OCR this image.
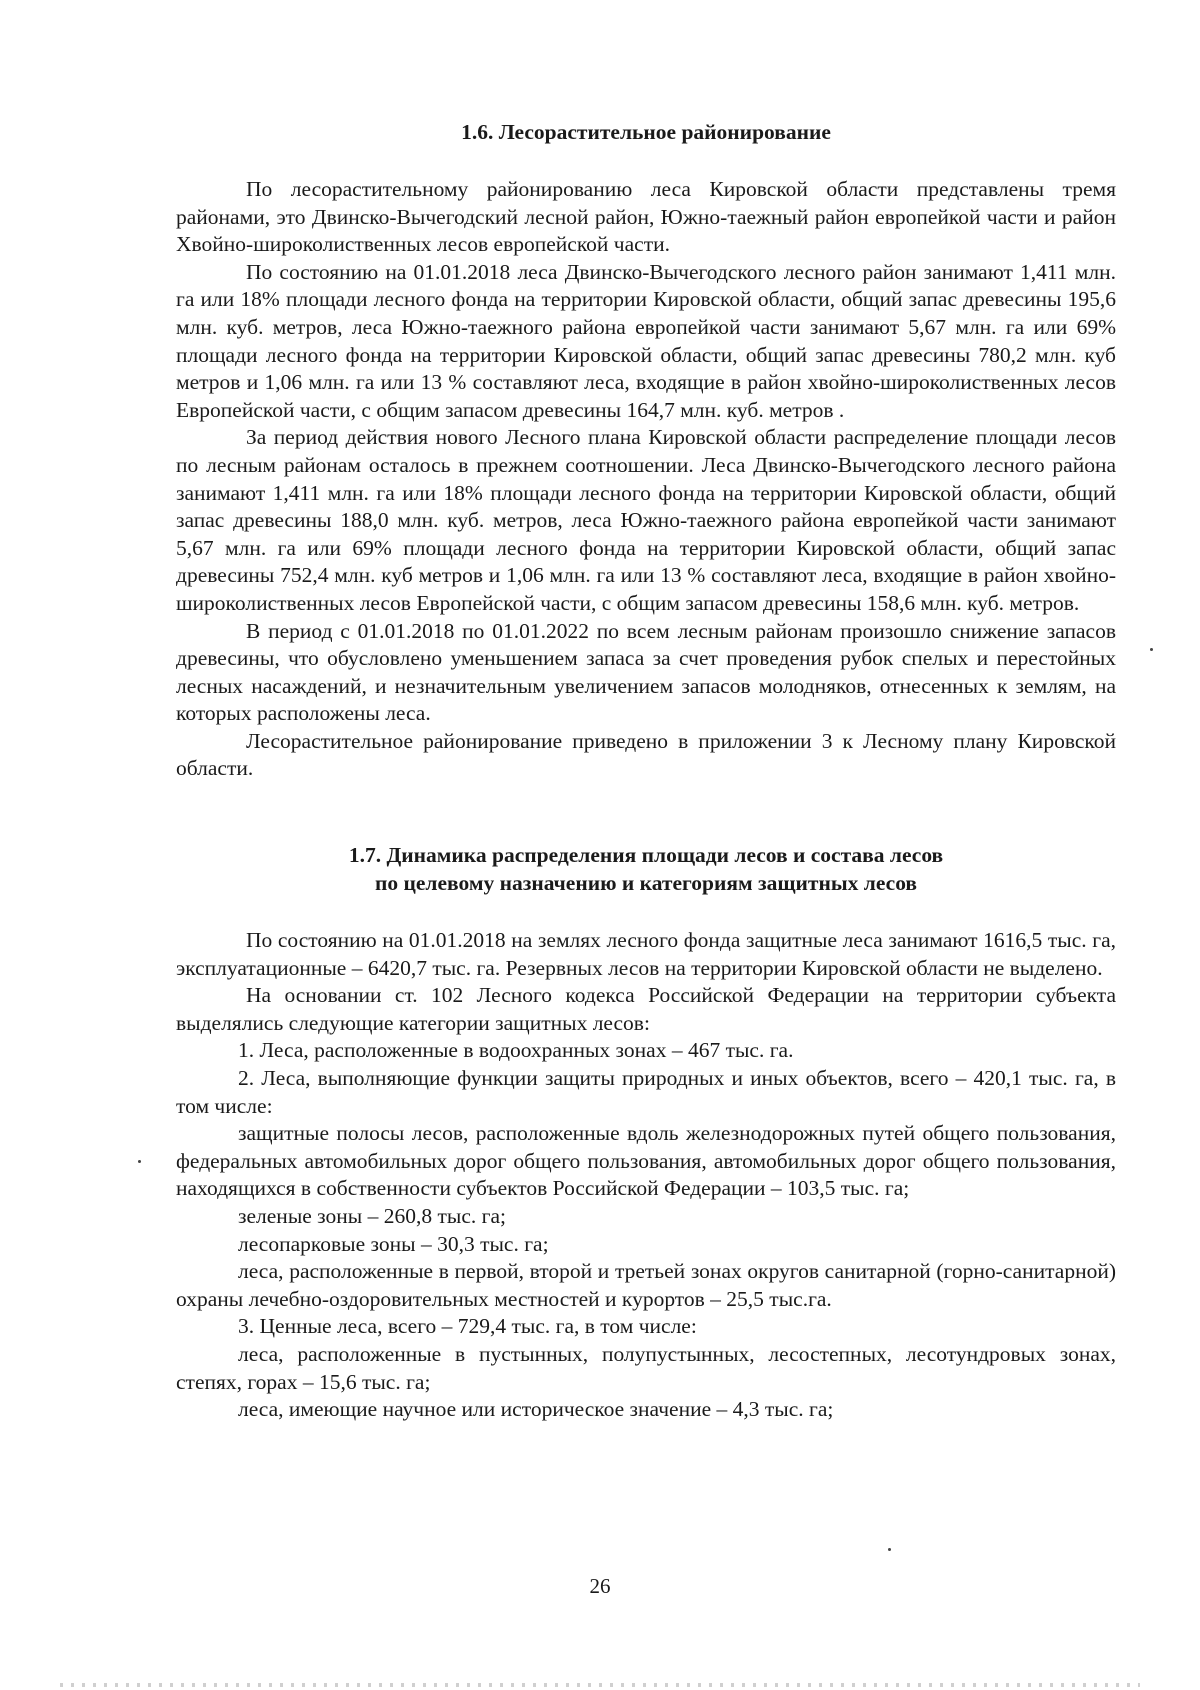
1.6. Лесорастительное районирование

По лесорастительному районированию леса Кировской области представлены тремя районами, это Двинско-Вычегодский лесной район, Южно-таежный район европейкой части и район Хвойно-широколиственных лесов европейской части.

По состоянию на 01.01.2018 леса Двинско-Вычегодского лесного район занимают 1,411 млн. га или 18% площади лесного фонда на территории Кировской области, общий запас древесины 195,6 млн. куб. метров, леса Южно-таежного района европейкой части занимают 5,67 млн. га или 69% площади лесного фонда на территории Кировской области, общий запас древесины 780,2 млн. куб метров и 1,06 млн. га или 13 % составляют леса, входящие в район хвойно-широколиственных лесов Европейской части, с общим запасом древесины 164,7 млн. куб. метров .

За период действия нового Лесного плана Кировской области распределение площади лесов по лесным районам осталось в прежнем соотношении. Леса Двинско-Вычегодского лесного района занимают 1,411 млн. га или 18% площади лесного фонда на территории Кировской области, общий запас древесины 188,0 млн. куб. метров, леса Южно-таежного района европейкой части занимают 5,67 млн. га или 69% площади лесного фонда на территории Кировской области, общий запас древесины 752,4 млн. куб метров и 1,06 млн. га или 13 % составляют леса, входящие в район хвойно-широколиственных лесов Европейской части, с общим запасом древесины 158,6 млн. куб. метров.

В период с 01.01.2018 по 01.01.2022 по всем лесным районам произошло снижение запасов древесины, что обусловлено уменьшением запаса за счет проведения рубок спелых и перестойных лесных насаждений, и незначительным увеличением запасов молодняков, отнесенных к землям, на которых расположены леса.

Лесорастительное районирование приведено в приложении 3 к Лесному плану Кировской области.

1.7. Динамика распределения площади лесов и состава лесов
по целевому назначению и категориям защитных лесов

По состоянию на 01.01.2018 на землях лесного фонда защитные леса занимают 1616,5 тыс. га, эксплуатационные – 6420,7 тыс. га. Резервных лесов на территории Кировской области не выделено.

На основании ст. 102 Лесного кодекса Российской Федерации на территории субъекта выделялись следующие категории защитных лесов:

1. Леса, расположенные в водоохранных зонах – 467 тыс. га.

2. Леса, выполняющие функции защиты природных и иных объектов, всего – 420,1 тыс. га, в том числе:

защитные полосы лесов, расположенные вдоль железнодорожных путей общего пользования, федеральных автомобильных дорог общего пользования, автомобильных дорог общего пользования, находящихся в собственности субъектов Российской Федерации – 103,5 тыс. га;

зеленые зоны – 260,8 тыс. га;

лесопарковые зоны – 30,3 тыс. га;

леса, расположенные в первой, второй и третьей зонах округов санитарной (горно-санитарной) охраны лечебно-оздоровительных местностей и курортов – 25,5 тыс.га.

3. Ценные леса, всего – 729,4 тыс. га, в том числе:

леса, расположенные в пустынных, полупустынных, лесостепных, лесотундровых зонах, степях, горах – 15,6 тыс. га;

леса, имеющие научное или историческое значение – 4,3 тыс. га;

26
